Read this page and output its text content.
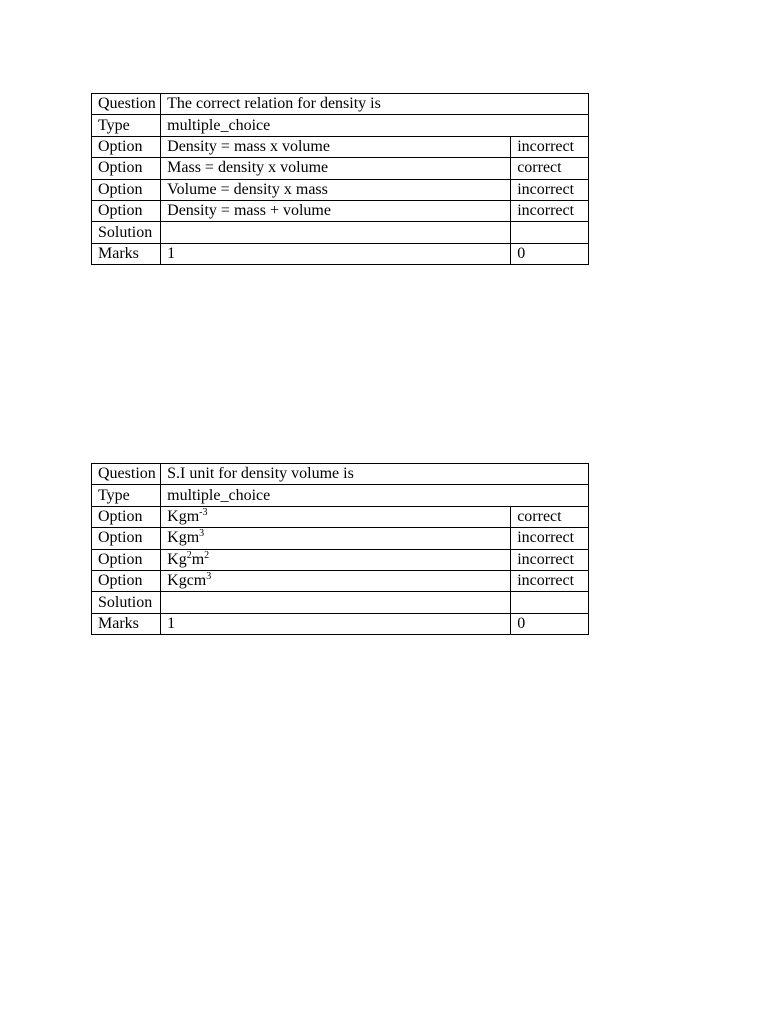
Question	The correct relation for density is	
Type	multiple_choice	
Option	Density = mass x volume	incorrect
Option	Mass = density x volume	correct
Option	Volume = density x mass	incorrect
Option	Density = mass + volume	incorrect
Solution		
Marks	1	0
Question	S.I unit for density volume is	
Type	multiple_choice	
Option	Kgm$^{-3}$	correct
Option	Kgm$^3$	incorrect
Option	$Kg^2m^2$	incorrect
Option	Kgcm$^3$	incorrect
Solution		
Marks	1	0
